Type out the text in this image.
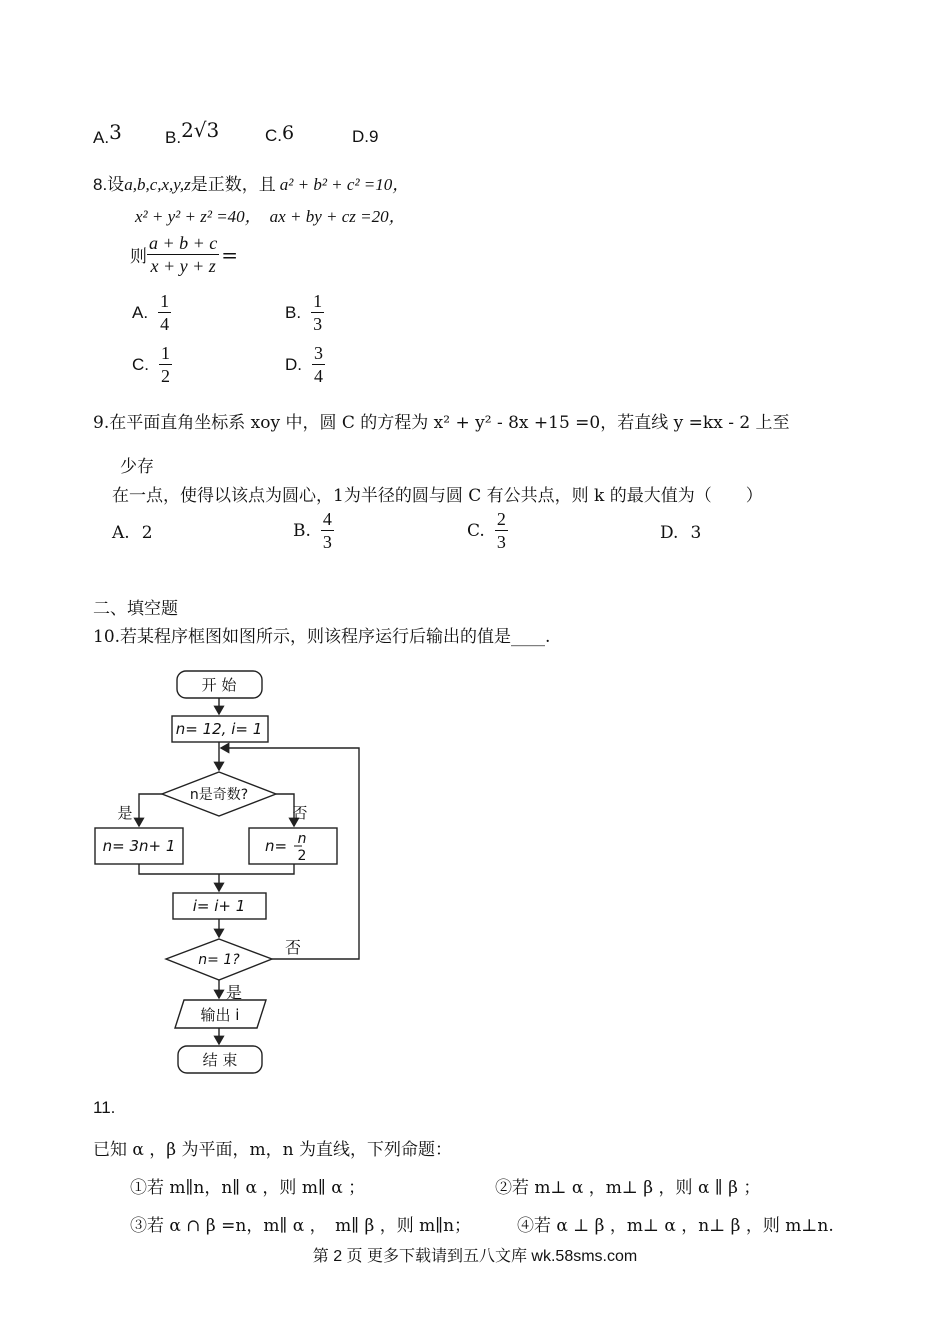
A.3	B.2√3	C.6	D.9
8.设a,b,c,x,y,z是正数，且 a² + b² + c² =10，
x² + y² + z² =40， ax + by + cz =20，
则 $\frac{a + b + c}{x + y + z}$ =
A. $\frac{1}{4}$	B. $\frac{1}{3}$
C. $\frac{1}{2}$	D. $\frac{3}{4}$
9.在平面直角坐标系 xoy 中，圆 C 的方程为 x² + y² - 8x +15 =0，若直线 y =kx - 2 上至
少存
在一点，使得以该点为圆心，1为半径的圆与圆 C 有公共点，则 k 的最大值为（　　）
A. 2	B. $\frac{4}{3}$	C. $\frac{2}{3}$	D. 3
二、填空题
10.若某程序框图如图所示，则该程序运行后输出的值是____.
开 始
n= 12, i= 1
n是奇数?
是	否
n= 3n+ 1	n= n
2
i= i+ 1
n= 1?
否
是
输出 i
结 束
11.
已知 α ，β 为平面，m，n 为直线，下列命题：
①若 m∥n，n∥ α ，则 m∥ α ；	②若 m⊥ α ，m⊥ β ，则 α ∥ β ；
③若 α ∩ β =n，m∥ α ，　m∥ β ，则 m∥n；	④若 α ⊥ β ，m⊥ α ，n⊥ β ，则 m⊥n.
第 2 页 更多下载请到五八文库 wk.58sms.com
